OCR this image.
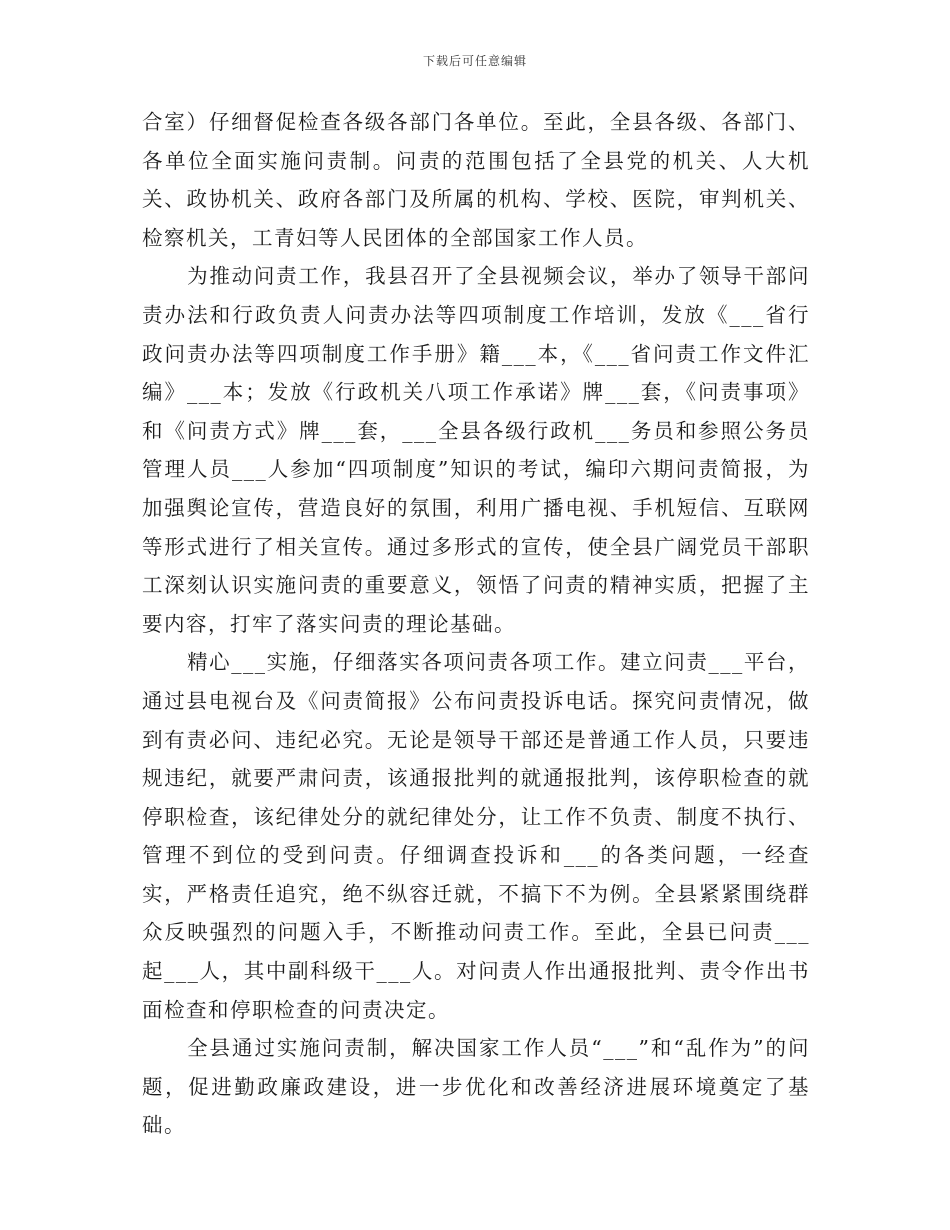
下载后可任意编辑

合室）仔细督促检查各级各部门各单位。至此，全县各级、各部门、各单位全面实施问责制。问责的范围包括了全县党的机关、人大机关、政协机关、政府各部门及所属的机构、学校、医院，审判机关、检察机关，工青妇等人民团体的全部国家工作人员。

为推动问责工作，我县召开了全县视频会议，举办了领导干部问责办法和行政负责人问责办法等四项制度工作培训，发放《___省行政问责办法等四项制度工作手册》籍___本，《___省问责工作文件汇编》___本；发放《行政机关八项工作承诺》牌___套，《问责事项》和《问责方式》牌___套，___全县各级行政机___务员和参照公务员管理人员___人参加“四项制度”知识的考试，编印六期问责简报，为加强舆论宣传，营造良好的氛围，利用广播电视、手机短信、互联网等形式进行了相关宣传。通过多形式的宣传，使全县广阔党员干部职工深刻认识实施问责的重要意义，领悟了问责的精神实质，把握了主要内容，打牢了落实问责的理论基础。

精心___实施，仔细落实各项问责各项工作。建立问责___平台，通过县电视台及《问责简报》公布问责投诉电话。探究问责情况，做到有责必问、违纪必究。无论是领导干部还是普通工作人员，只要违规违纪，就要严肃问责，该通报批判的就通报批判，该停职检查的就停职检查，该纪律处分的就纪律处分，让工作不负责、制度不执行、管理不到位的受到问责。仔细调查投诉和___的各类问题，一经查实，严格责任追究，绝不纵容迁就，不搞下不为例。全县紧紧围绕群众反映强烈的问题入手，不断推动问责工作。至此，全县已问责___起___人，其中副科级干___人。对问责人作出通报批判、责令作出书面检查和停职检查的问责决定。

全县通过实施问责制，解决国家工作人员“___”和“乱作为”的问题，促进勤政廉政建设，进一步优化和改善经济进展环境奠定了基础。
